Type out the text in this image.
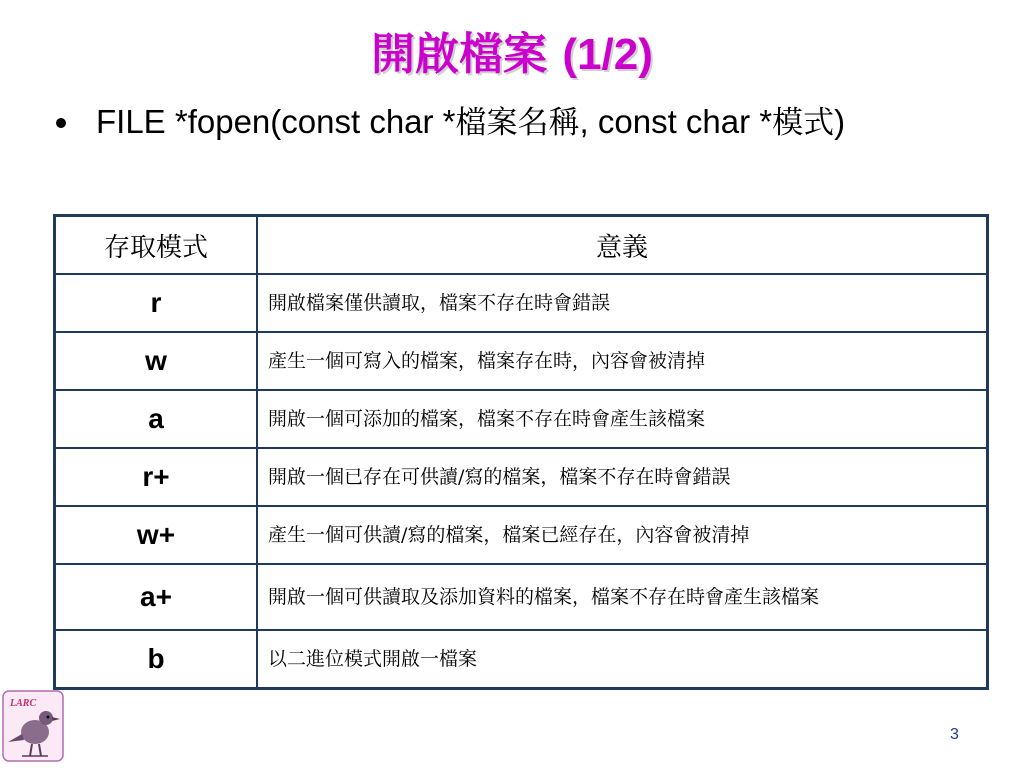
開啟檔案 (1/2)
FILE *fopen(const char *檔案名稱, const char *模式)
存取模式	意義
r	開啟檔案僅供讀取，檔案不存在時會錯誤
w	產生一個可寫入的檔案，檔案存在時，內容會被清掉
a	開啟一個可添加的檔案，檔案不存在時會產生該檔案
r+	開啟一個已存在可供讀/寫的檔案，檔案不存在時會錯誤
w+	產生一個可供讀/寫的檔案，檔案已經存在，內容會被清掉
a+	開啟一個可供讀取及添加資料的檔案，檔案不存在時會產生該檔案
b	以二進位模式開啟一檔案
LARC
3
